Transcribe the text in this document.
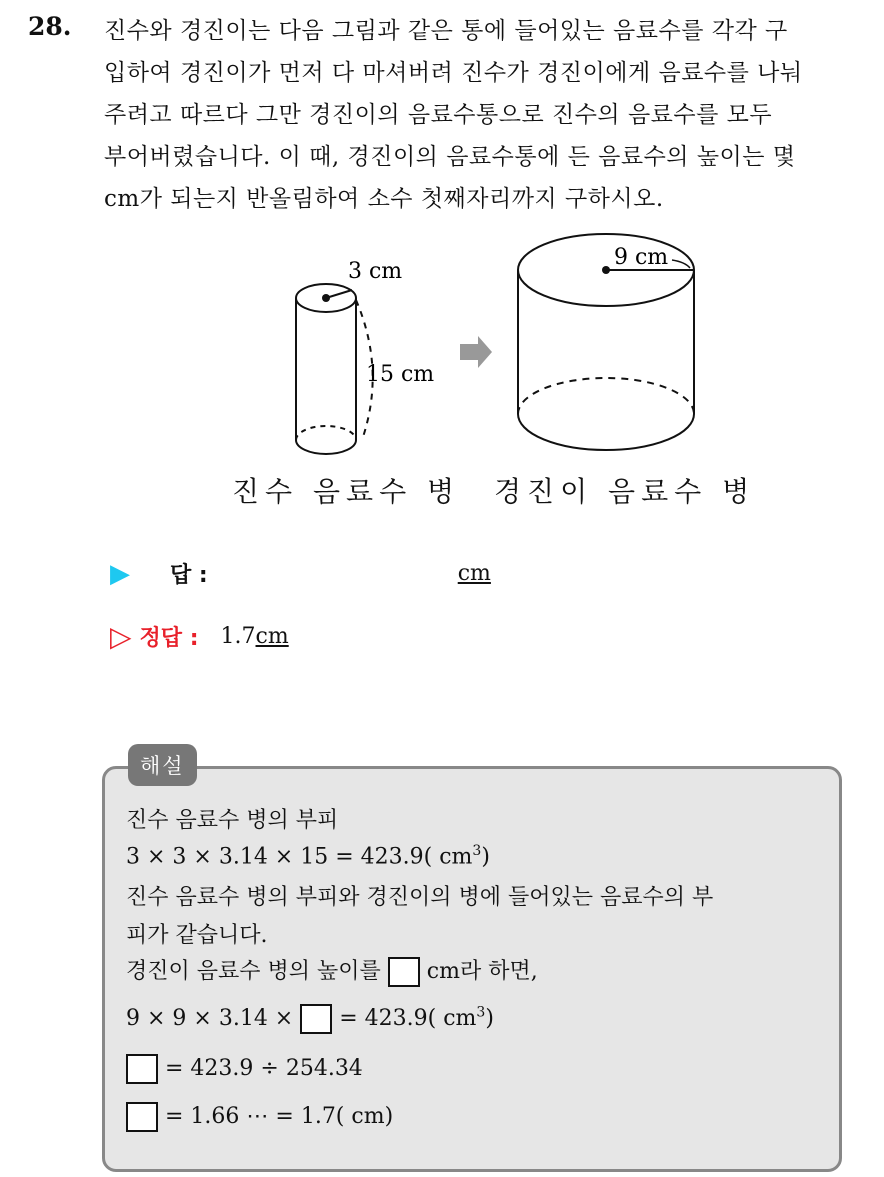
28. 진수와 경진이는 다음 그림과 같은 통에 들어있는 음료수를 각각 구
입하여 경진이가 먼저 다 마셔버려 진수가 경진이에게 음료수를 나눠
주려고 따르다 그만 경진이의 음료수통으로 진수의 음료수를 모두
부어버렸습니다. 이 때, 경진이의 음료수통에 든 음료수의 높이는 몇
cm가 되는지 반올림하여 소수 첫째자리까지 구하시오.
3 cm
15 cm
9 cm
진수 음료수 병 경진이 음료수 병
▶	답 :	cm
▷ 정답 : 1.7 cm
해설
진수 음료수 병의 부피
3 × 3 × 3.14 × 15 = 423.9( $cm^3$)
진수 음료수 병의 부피와 경진이의 병에 들어있는 음료수의 부
피가 같습니다.
경진이 음료수 병의 높이를 cm라 하면,
9 × 9 × 3.14 × = 423.9( $cm^3$)
= 423.9 ÷ 254.34
= 1.66 ⋯ = 1.7( cm)
